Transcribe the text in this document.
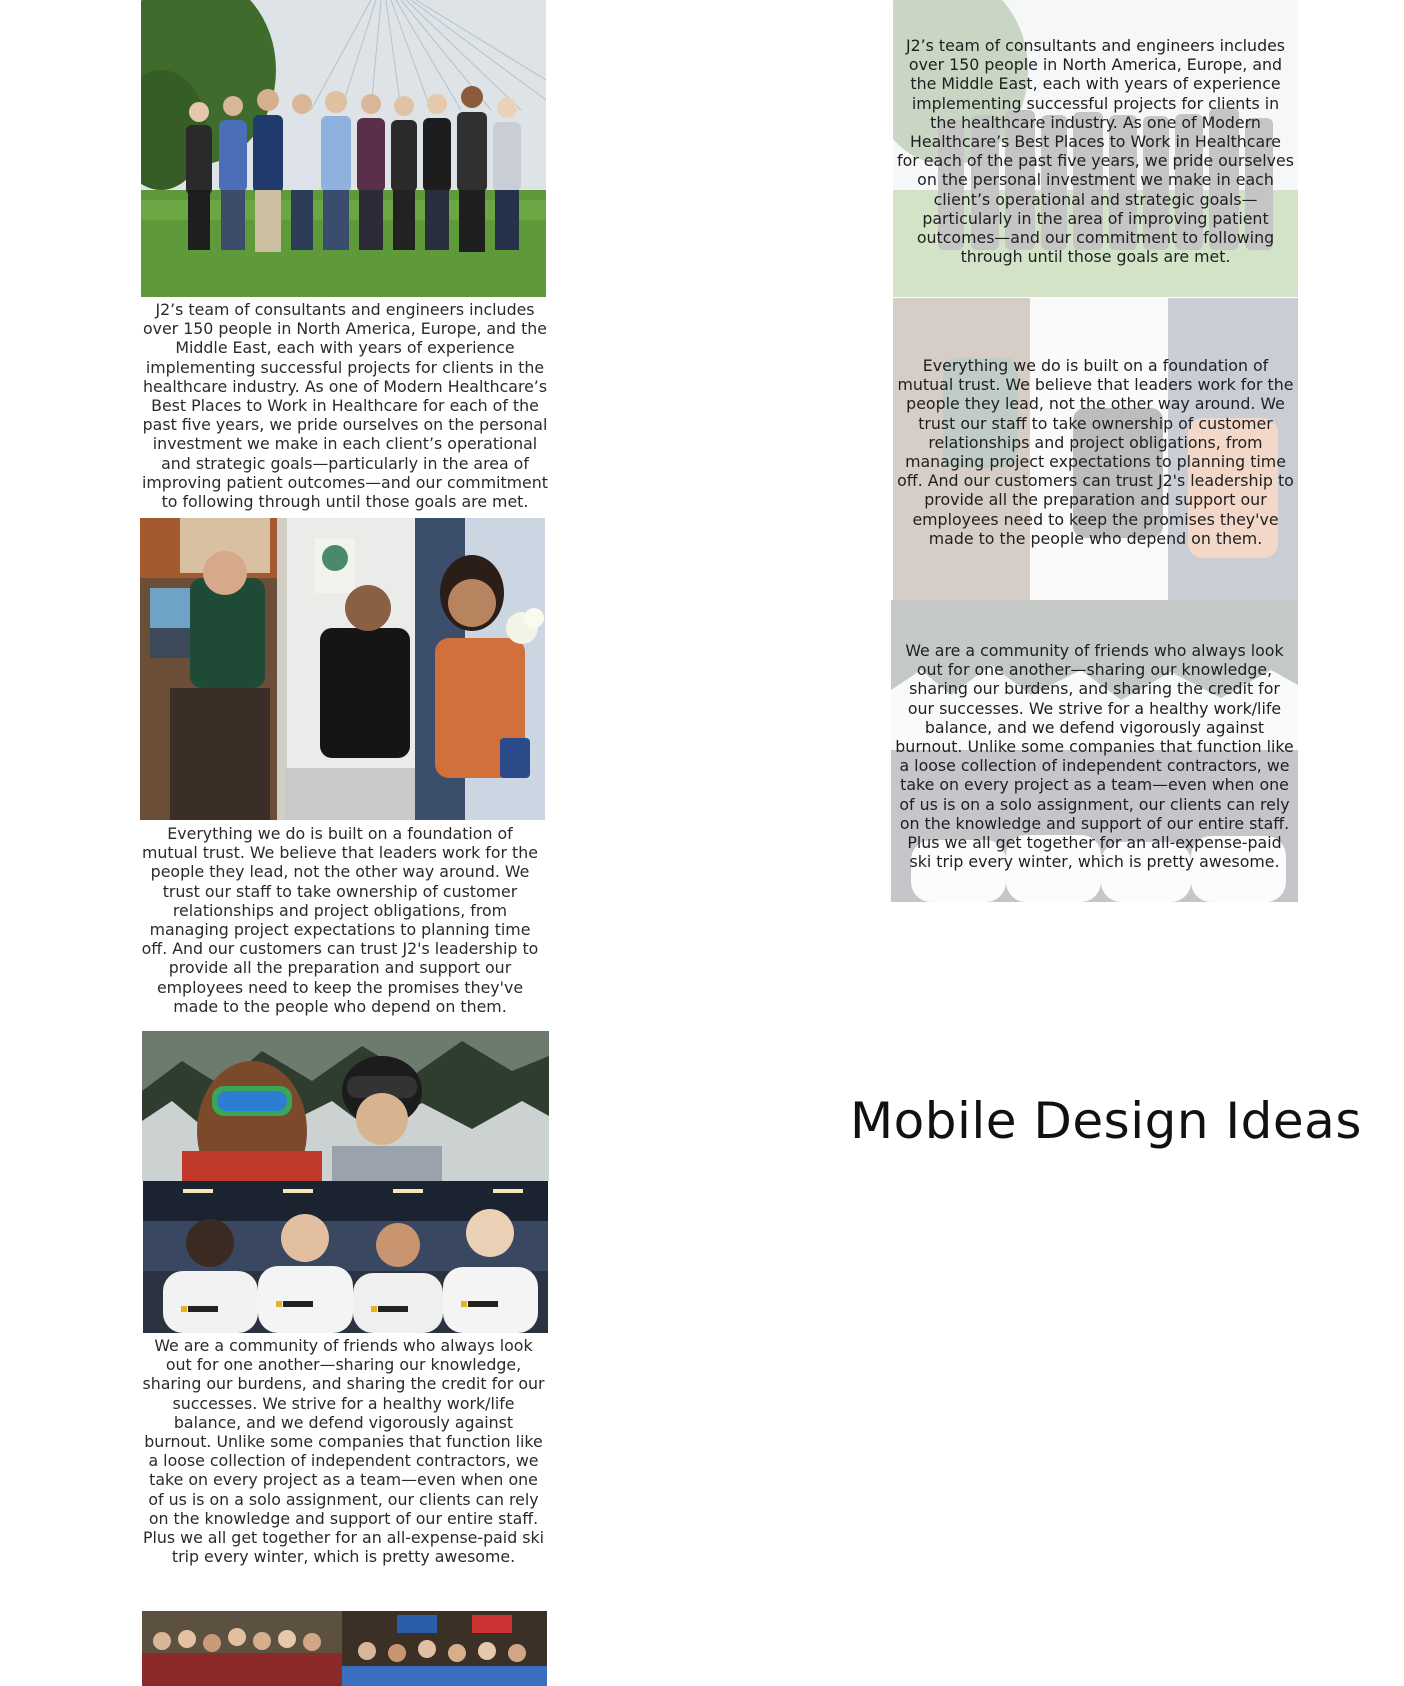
J2’s team of consultants and engineers includes over 150 people in North America, Europe, and the Middle East, each with years of experience implementing successful projects for clients in the healthcare industry. As one of Modern Healthcare’s Best Places to Work in Healthcare for each of the past five years, we pride ourselves on the personal investment we make in each client’s operational and strategic goals—particularly in the area of improving patient outcomes—and our commitment to following through until those goals are met.
Everything we do is built on a foundation of mutual trust. We believe that leaders work for the people they lead, not the other way around. We trust our staff to take ownership of customer relationships and project obligations, from managing project expectations to planning time off. And our customers can trust J2's leadership to provide all the preparation and support our employees need to keep the promises they've made to the people who depend on them.
We are a community of friends who always look out for one another—sharing our knowledge, sharing our burdens, and sharing the credit for our successes. We strive for a healthy work/life balance, and we defend vigorously against burnout. Unlike some companies that function like a loose collection of independent contractors, we take on every project as a team—even when one of us is on a solo assignment, our clients can rely on the knowledge and support of our entire staff. Plus we all get together for an all-expense-paid ski trip every winter, which is pretty awesome.
J2’s team of consultants and engineers includes over 150 people in North America, Europe, and the Middle East, each with years of experience implementing successful projects for clients in the healthcare industry. As one of Modern Healthcare’s Best Places to Work in Healthcare for each of the past five years, we pride ourselves on the personal investment we make in each client’s operational and strategic goals—particularly in the area of improving patient outcomes—and our commitment to following through until those goals are met.
Everything we do is built on a foundation of mutual trust. We believe that leaders work for the people they lead, not the other way around. We trust our staff to take ownership of customer relationships and project obligations, from managing project expectations to planning time off. And our customers can trust J2's leadership to provide all the preparation and support our employees need to keep the promises they've made to the people who depend on them.
We are a community of friends who always look out for one another—sharing our knowledge, sharing our burdens, and sharing the credit for our successes. We strive for a healthy work/life balance, and we defend vigorously against burnout. Unlike some companies that function like a loose collection of independent contractors, we take on every project as a team—even when one of us is on a solo assignment, our clients can rely on the knowledge and support of our entire staff. Plus we all get together for an all-expense-paid ski trip every winter, which is pretty awesome.
Mobile Design Ideas
